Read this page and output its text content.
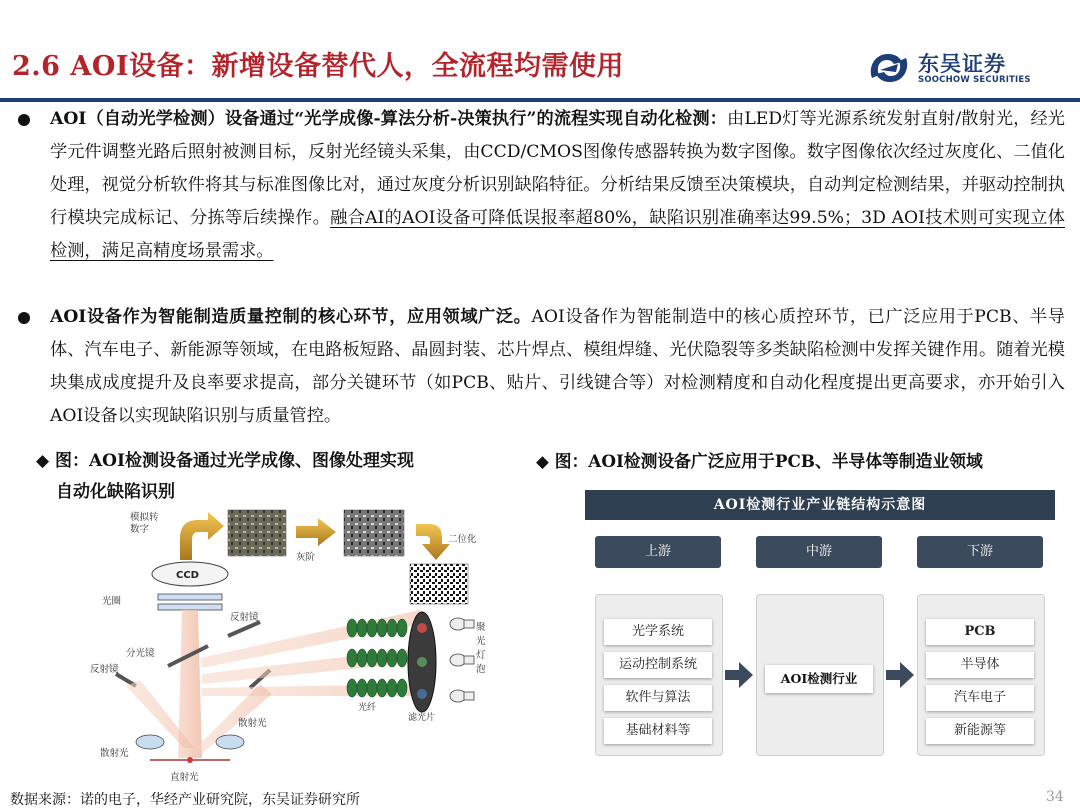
2.6 AOI设备：新增设备替代人，全流程均需使用	东吴证券
SOOCHOW SECURITIES
AOI（自动光学检测）设备通过“光学成像-算法分析-决策执行”的流程实现自动化检测：由LED灯等光源系统发射直射/散射光，经光学元件调整光路后照射被测目标，反射光经镜头采集，由CCD/CMOS图像传感器转换为数字图像。数字图像依次经过灰度化、二值化处理，视觉分析软件将其与标准图像比对，通过灰度分析识别缺陷特征。分析结果反馈至决策模块，自动判定检测结果，并驱动控制执行模块完成标记、分拣等后续操作。融合AI的AOI设备可降低误报率超80%，缺陷识别准确率达99.5%；3D AOI技术则可实现立体检测，满足高精度场景需求。
AOI设备作为智能制造质量控制的核心环节，应用领域广泛。AOI设备作为智能制造中的核心质控环节，已广泛应用于PCB、半导体、汽车电子、新能源等领域，在电路板短路、晶圆封装、芯片焊点、模组焊缝、光伏隐裂等多类缺陷检测中发挥关键作用。随着光模块集成成度提升及良率要求提高，部分关键环节（如PCB、贴片、引线键合等）对检测精度和自动化程度提出更高要求，亦开始引入AOI设备以实现缺陷识别与质量管控。
◆ 图：AOI检测设备通过光学成像、图像处理实现
自动化缺陷识别
◆ 图：AOI检测设备广泛应用于PCB、半导体等制造业领域
模拟转
数字
灰阶
二位化
CCD
光圈
反射镜
分光镜
反射镜
聚
光
灯
泡
光纤
滤光片
散射光
散射光
直射光
AOI检测行业产业链结构示意图
上游	中游	下游
光学系统
运动控制系统
软件与算法
基础材料等
AOI检测行业
PCB
半导体
汽车电子
新能源等
数据来源：诺的电子，华经产业研究院，东吴证券研究所	34
